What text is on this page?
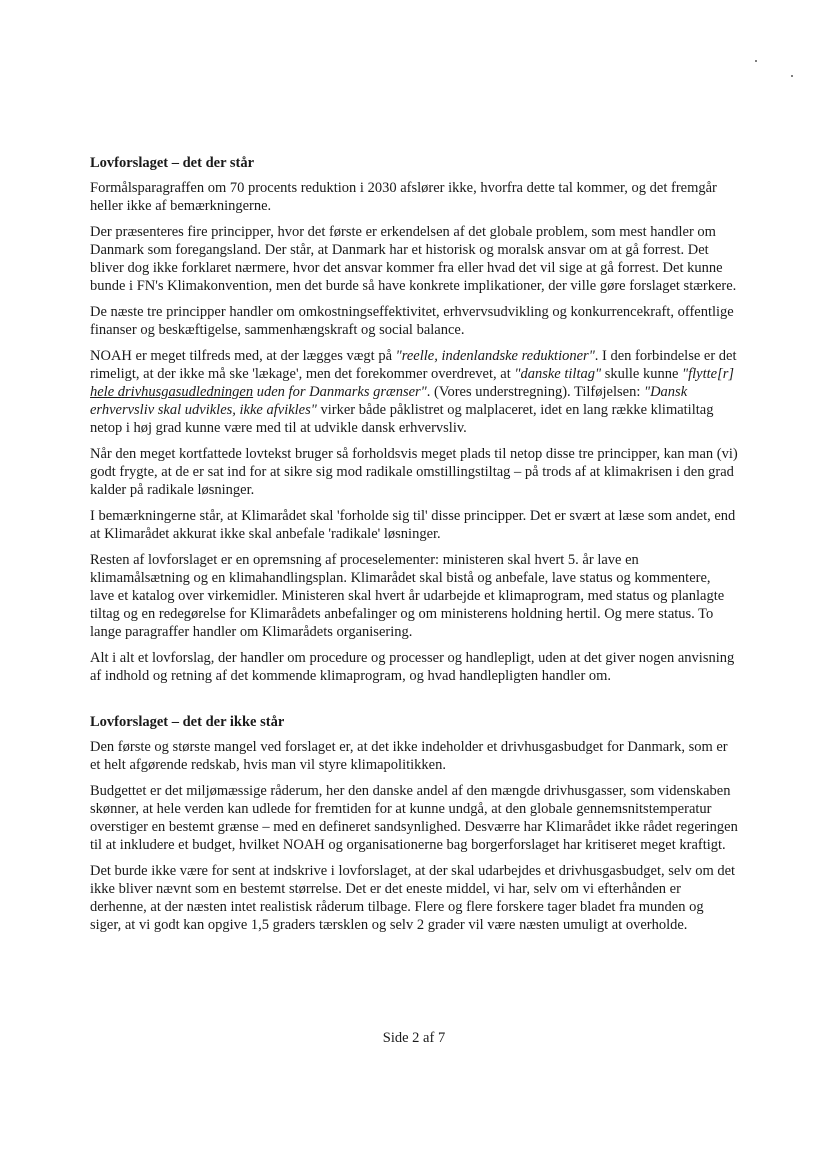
Lovforslaget – det der står

Formålsparagraffen om 70 procents reduktion i 2030 afslører ikke, hvorfra dette tal kommer, og det fremgår heller ikke af bemærkningerne.

Der præsenteres fire principper, hvor det første er erkendelsen af det globale problem, som mest handler om Danmark som foregangsland. Der står, at Danmark har et historisk og moralsk ansvar om at gå forrest. Det bliver dog ikke forklaret nærmere, hvor det ansvar kommer fra eller hvad det vil sige at gå forrest. Det kunne bunde i FN's Klimakonvention, men det burde så have konkrete implikationer, der ville gøre forslaget stærkere.

De næste tre principper handler om omkostningseffektivitet, erhvervsudvikling og konkurrencekraft, offentlige finanser og beskæftigelse, sammenhængskraft og social balance.

NOAH er meget tilfreds med, at der lægges vægt på "reelle, indenlandske reduktioner". I den forbindelse er det rimeligt, at der ikke må ske 'lækage', men det forekommer overdrevet, at "danske tiltag" skulle kunne "flytte[r] hele drivhusgasudledningen uden for Danmarks grænser". (Vores understregning). Tilføjelsen: "Dansk erhvervsliv skal udvikles, ikke afvikles" virker både påklistret og malplaceret, idet en lang række klimatiltag netop i høj grad kunne være med til at udvikle dansk erhvervsliv.

Når den meget kortfattede lovtekst bruger så forholdsvis meget plads til netop disse tre principper, kan man (vi) godt frygte, at de er sat ind for at sikre sig mod radikale omstillingstiltag – på trods af at klimakrisen i den grad kalder på radikale løsninger.

I bemærkningerne står, at Klimarådet skal 'forholde sig til' disse principper. Det er svært at læse som andet, end at Klimarådet akkurat ikke skal anbefale 'radikale' løsninger.

Resten af lovforslaget er en opremsning af proceselementer: ministeren skal hvert 5. år lave en klimamålsætning og en klimahandlingsplan. Klimarådet skal bistå og anbefale, lave status og kommentere, lave et katalog over virkemidler. Ministeren skal hvert år udarbejde et klimaprogram, med status og planlagte tiltag og en redegørelse for Klimarådets anbefalinger og om ministerens holdning hertil. Og mere status. To lange paragraffer handler om Klimarådets organisering.

Alt i alt et lovforslag, der handler om procedure og processer og handlepligt, uden at det giver nogen anvisning af indhold og retning af det kommende klimaprogram, og hvad handlepligten handler om.

Lovforslaget – det der ikke står

Den første og største mangel ved forslaget er, at det ikke indeholder et drivhusgasbudget for Danmark, som er et helt afgørende redskab, hvis man vil styre klimapolitikken.

Budgettet er det miljømæssige råderum, her den danske andel af den mængde drivhusgasser, som videnskaben skønner, at hele verden kan udlede for fremtiden for at kunne undgå, at den globale gennemsnitstemperatur overstiger en bestemt grænse – med en defineret sandsynlighed. Desværre har Klimarådet ikke rådet regeringen til at inkludere et budget, hvilket NOAH og organisationerne bag borgerforslaget har kritiseret meget kraftigt.

Det burde ikke være for sent at indskrive i lovforslaget, at der skal udarbejdes et drivhusgasbudget, selv om det ikke bliver nævnt som en bestemt størrelse. Det er det eneste middel, vi har, selv om vi efterhånden er derhenne, at der næsten intet realistisk råderum tilbage. Flere og flere forskere tager bladet fra munden og siger, at vi godt kan opgive 1,5 graders tærsklen og selv 2 grader vil være næsten umuligt at overholde.

Side 2 af 7
